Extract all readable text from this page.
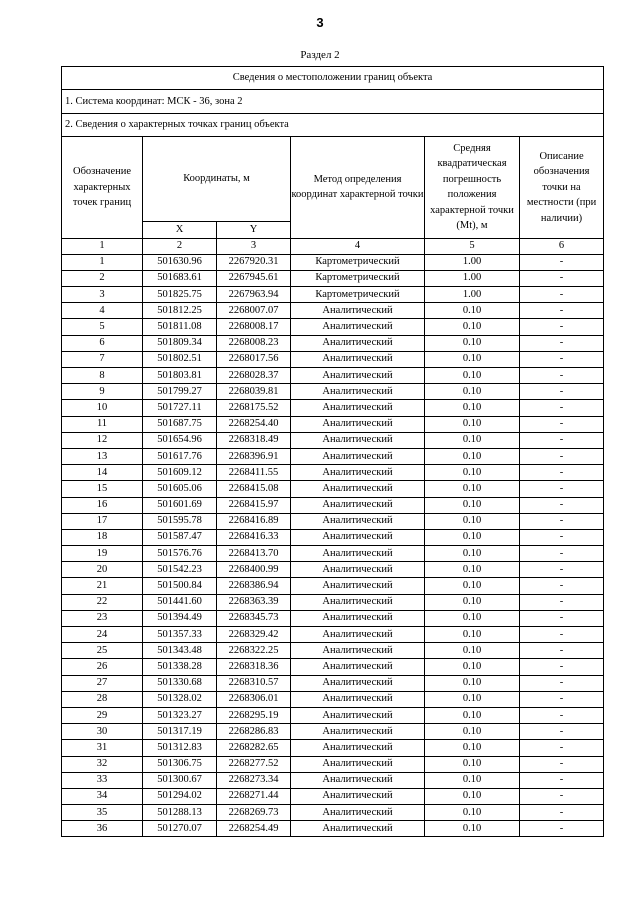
3
Раздел 2
Сведения о местоположении границ объекта					
1. Система координат: МСК - 36, зона 2					
2. Сведения о характерных точках границ объекта					
Обозначение характерных точек границ	Координаты, м		Метод определения координат характерной точки	Средняя квадратическая погрешность положения характерной точки (Mt), м	Описание обозначения точки на местности (при наличии)
	X	Y			
1	2	3	4	5	6
1	501630.96	2267920.31	Картометрический	1.00	-
2	501683.61	2267945.61	Картометрический	1.00	-
3	501825.75	2267963.94	Картометрический	1.00	-
4	501812.25	2268007.07	Аналитический	0.10	-
5	501811.08	2268008.17	Аналитический	0.10	-
6	501809.34	2268008.23	Аналитический	0.10	-
7	501802.51	2268017.56	Аналитический	0.10	-
8	501803.81	2268028.37	Аналитический	0.10	-
9	501799.27	2268039.81	Аналитический	0.10	-
10	501727.11	2268175.52	Аналитический	0.10	-
11	501687.75	2268254.40	Аналитический	0.10	-
12	501654.96	2268318.49	Аналитический	0.10	-
13	501617.76	2268396.91	Аналитический	0.10	-
14	501609.12	2268411.55	Аналитический	0.10	-
15	501605.06	2268415.08	Аналитический	0.10	-
16	501601.69	2268415.97	Аналитический	0.10	-
17	501595.78	2268416.89	Аналитический	0.10	-
18	501587.47	2268416.33	Аналитический	0.10	-
19	501576.76	2268413.70	Аналитический	0.10	-
20	501542.23	2268400.99	Аналитический	0.10	-
21	501500.84	2268386.94	Аналитический	0.10	-
22	501441.60	2268363.39	Аналитический	0.10	-
23	501394.49	2268345.73	Аналитический	0.10	-
24	501357.33	2268329.42	Аналитический	0.10	-
25	501343.48	2268322.25	Аналитический	0.10	-
26	501338.28	2268318.36	Аналитический	0.10	-
27	501330.68	2268310.57	Аналитический	0.10	-
28	501328.02	2268306.01	Аналитический	0.10	-
29	501323.27	2268295.19	Аналитический	0.10	-
30	501317.19	2268286.83	Аналитический	0.10	-
31	501312.83	2268282.65	Аналитический	0.10	-
32	501306.75	2268277.52	Аналитический	0.10	-
33	501300.67	2268273.34	Аналитический	0.10	-
34	501294.02	2268271.44	Аналитический	0.10	-
35	501288.13	2268269.73	Аналитический	0.10	-
36	501270.07	2268254.49	Аналитический	0.10	-
